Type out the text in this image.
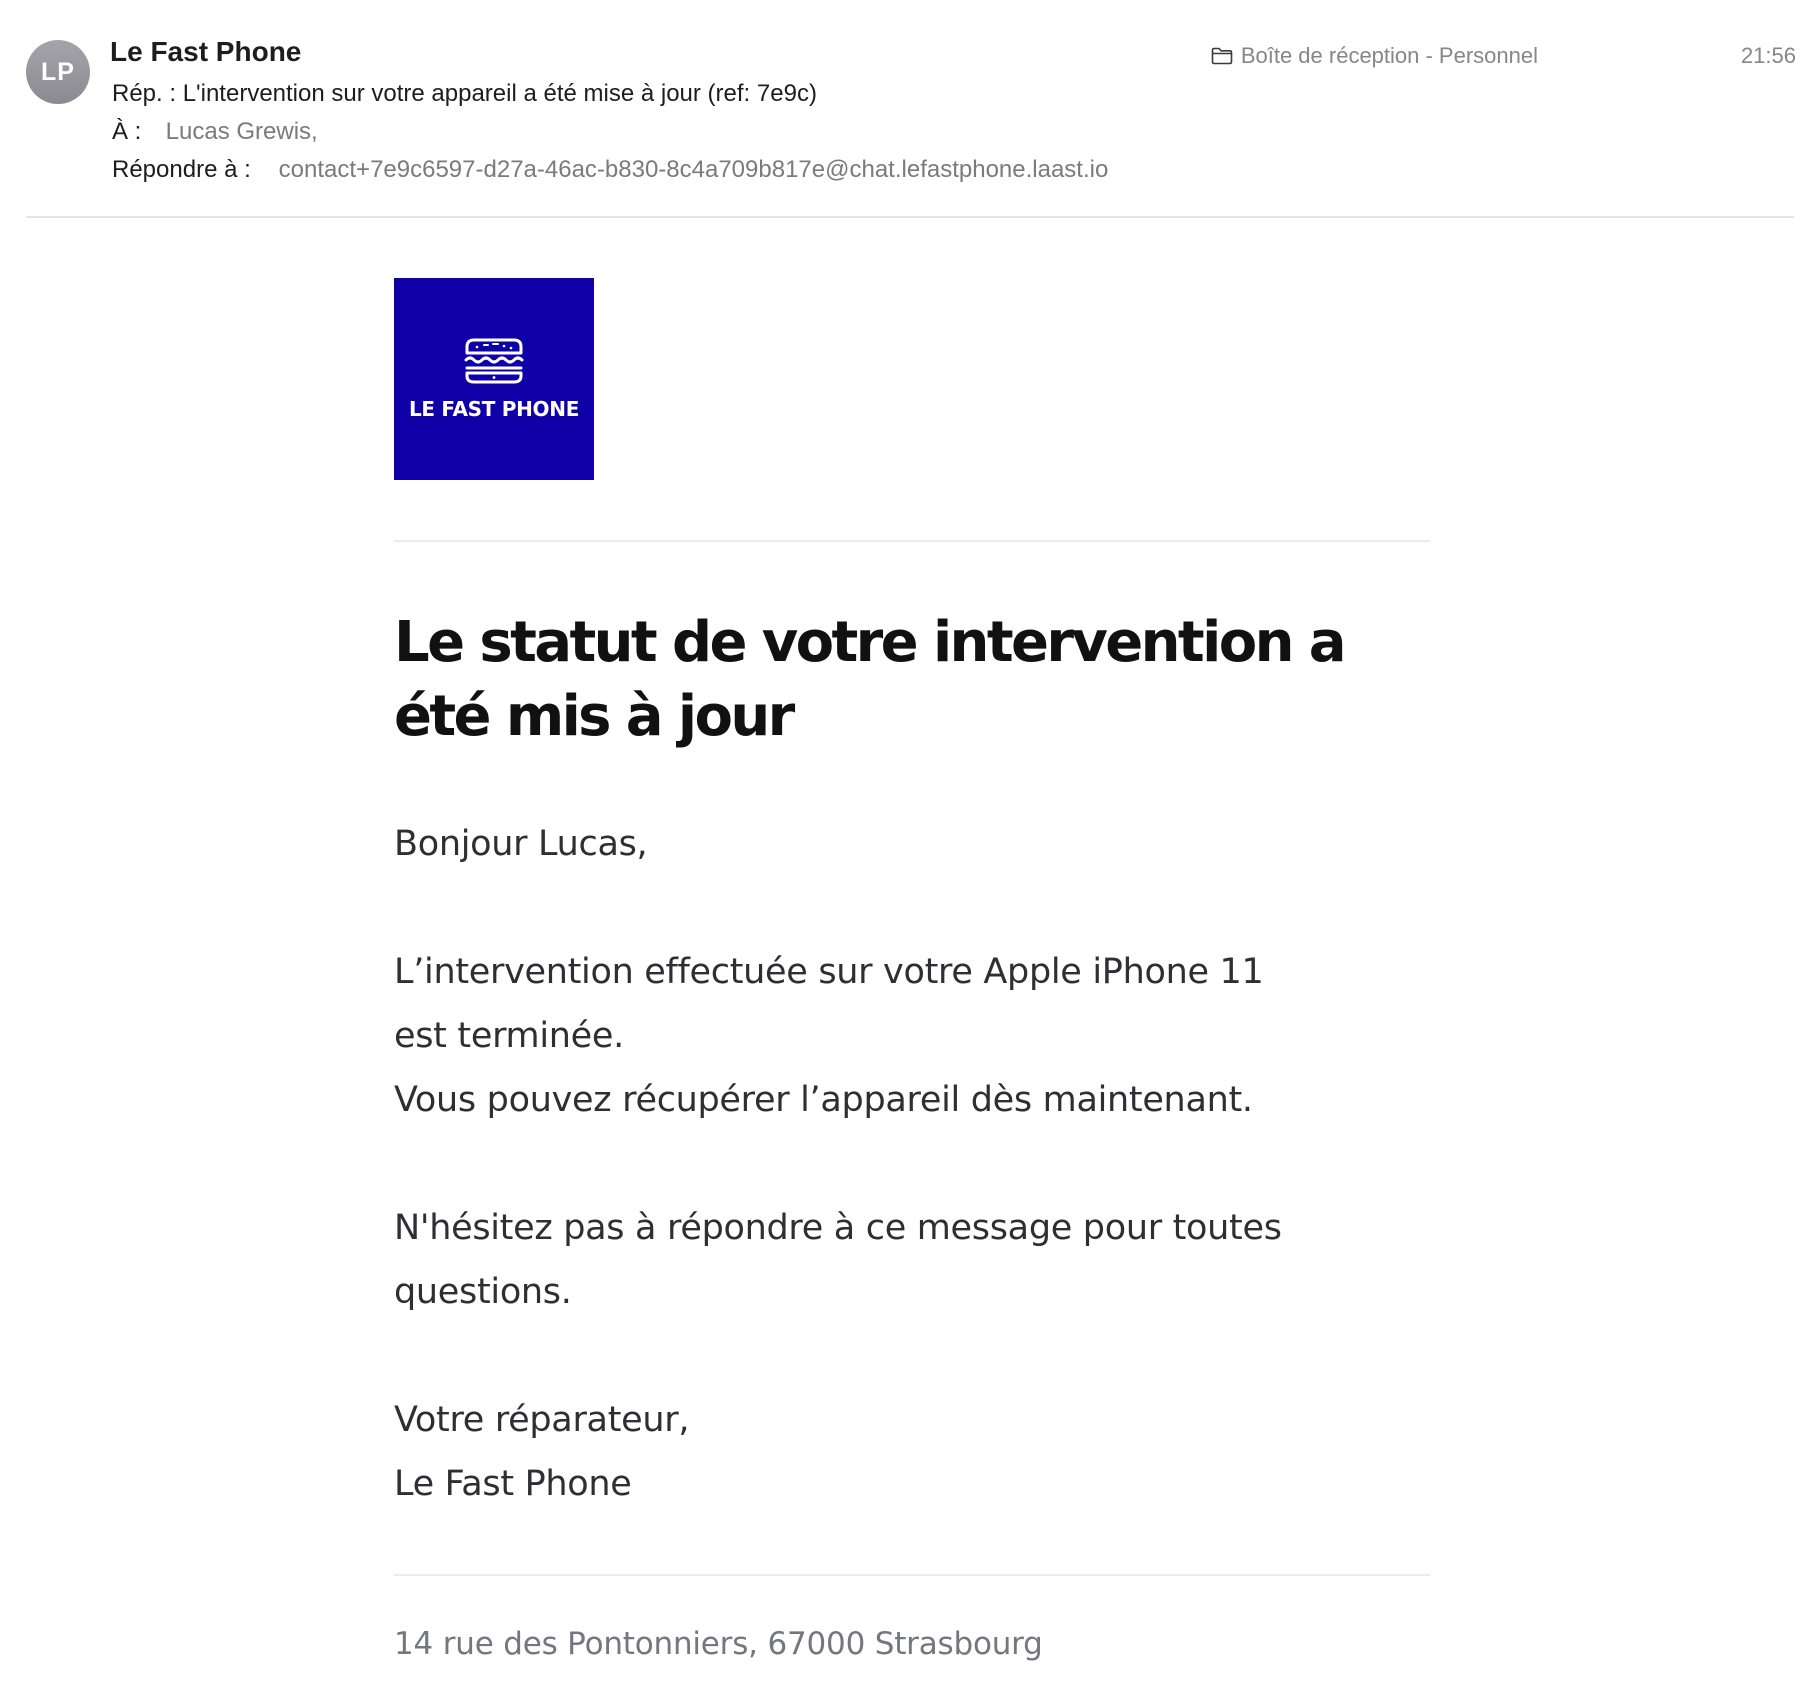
LP
Le Fast Phone
Rép. : L'intervention sur votre appareil a été mise à jour (ref: 7e9c)
À : Lucas Grewis,
Répondre à : contact+7e9c6597-d27a-46ac-b830-8c4a709b817e@chat.lefastphone.laast.io
Boîte de réception - Personnel	21:56
LE FAST PHONE
Le statut de votre intervention a été mis à jour
Bonjour Lucas,
L’intervention effectuée sur votre Apple iPhone 11 est terminée.
Vous pouvez récupérer l’appareil dès maintenant.
N'hésitez pas à répondre à ce message pour toutes questions.
Votre réparateur,
Le Fast Phone
14 rue des Pontonniers, 67000 Strasbourg
